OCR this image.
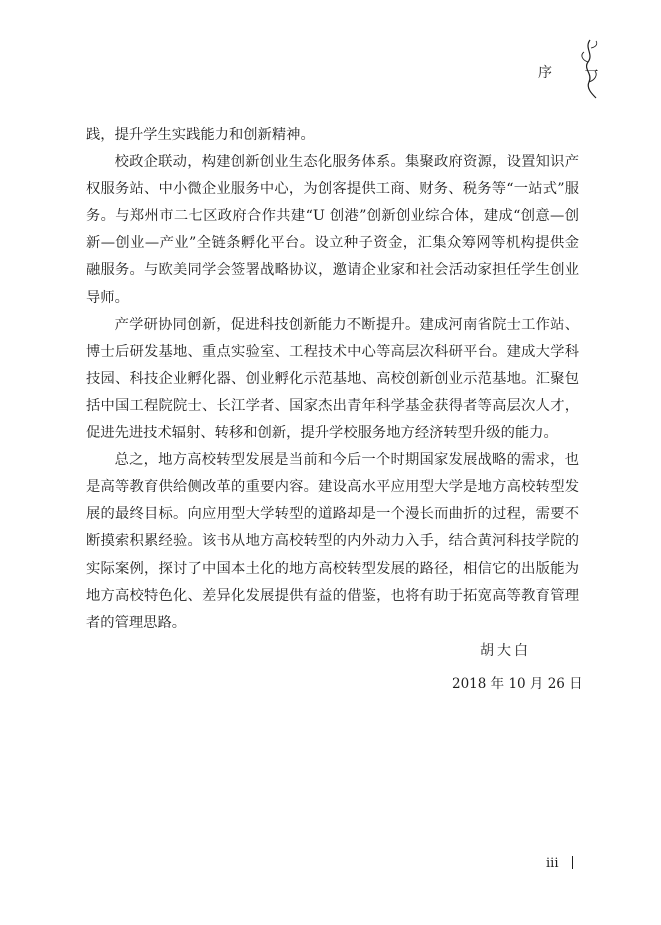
序 一

践，提升学生实践能力和创新精神。

校政企联动，构建创新创业生态化服务体系。集聚政府资源，设置知识产权服务站、中小微企业服务中心，为创客提供工商、财务、税务等“一站式”服务。与郑州市二七区政府合作共建“U 创港”创新创业综合体，建成“创意—创新—创业—产业”全链条孵化平台。设立种子资金，汇集众筹网等机构提供金融服务。与欧美同学会签署战略协议，邀请企业家和社会活动家担任学生创业导师。

产学研协同创新，促进科技创新能力不断提升。建成河南省院士工作站、博士后研发基地、重点实验室、工程技术中心等高层次科研平台。建成大学科技园、科技企业孵化器、创业孵化示范基地、高校创新创业示范基地。汇聚包括中国工程院院士、长江学者、国家杰出青年科学基金获得者等高层次人才，促进先进技术辐射、转移和创新，提升学校服务地方经济转型升级的能力。

总之，地方高校转型发展是当前和今后一个时期国家发展战略的需求，也是高等教育供给侧改革的重要内容。建设高水平应用型大学是地方高校转型发展的最终目标。向应用型大学转型的道路却是一个漫长而曲折的过程，需要不断摸索积累经验。该书从地方高校转型的内外动力入手，结合黄河科技学院的实际案例，探讨了中国本土化的地方高校转型发展的路径，相信它的出版能为地方高校特色化、差异化发展提供有益的借鉴，也将有助于拓宽高等教育管理者的管理思路。

胡大白
2018 年 10 月 26 日
iii
